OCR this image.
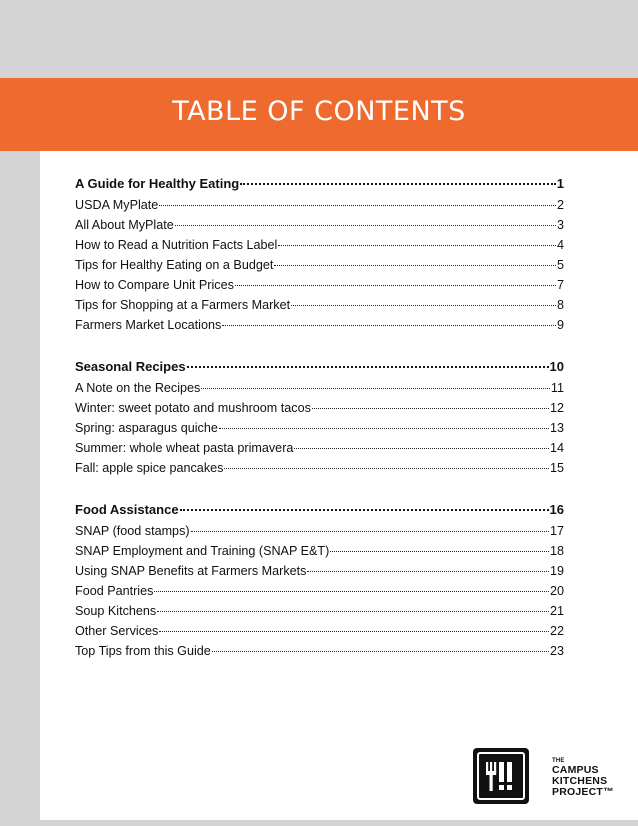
TABLE OF CONTENTS
A Guide for Healthy Eating	1
USDA MyPlate	2
All About MyPlate	3
How to Read a Nutrition Facts Label	4
Tips for Healthy Eating on a Budget	5
How to Compare Unit Prices	7
Tips for Shopping at a Farmers Market	8
Farmers Market Locations	9
Seasonal Recipes	10
A Note on the Recipes	11
Winter: sweet potato and mushroom tacos	12
Spring: asparagus quiche	13
Summer: whole wheat pasta primavera	14
Fall: apple spice pancakes	15
Food Assistance	16
SNAP (food stamps)	17
SNAP Employment and Training (SNAP E&T)	18
Using SNAP Benefits at Farmers Markets	19
Food Pantries	20
Soup Kitchens	21
Other Services	22
Top Tips from this Guide	23
THE
CAMPUS
KITCHENS
PROJECT™
